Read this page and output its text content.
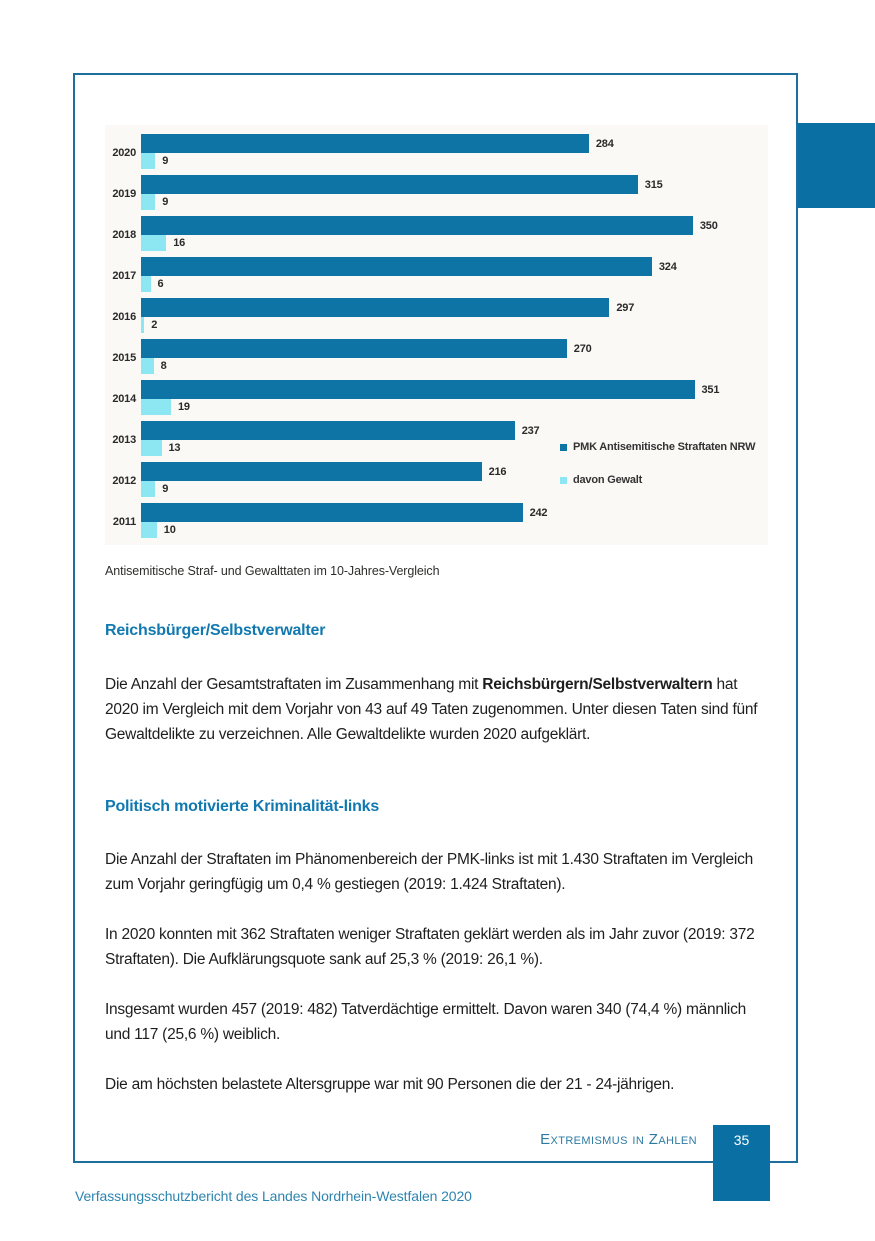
2020
284
9
2019
315
9
2018
350
16
2017
324
6
2016
297
2
2015
270
8
2014
351
19
2013
237
13
2012
216
9
2011
242
10
PMK Antisemitische Straftaten NRW
davon Gewalt
Antisemitische Straf- und Gewalttaten im 10-Jahres-Vergleich
Reichsbürger/Selbstverwalter

Die Anzahl der Gesamtstraftaten im Zusammenhang mit Reichsbürgern/Selbstverwaltern hat 2020 im Vergleich mit dem Vorjahr von 43 auf 49 Taten zugenommen. Unter diesen Taten sind fünf Gewaltdelikte zu verzeichnen. Alle Gewaltdelikte wurden 2020 aufgeklärt.

Politisch motivierte Kriminalität-links

Die Anzahl der Straftaten im Phänomenbereich der PMK-links ist mit 1.430 Straftaten im Vergleich zum Vorjahr geringfügig um 0,4 % gestiegen (2019: 1.424 Straftaten).

In 2020 konnten mit 362 Straftaten weniger Straftaten geklärt werden als im Jahr zuvor (2019: 372 Straftaten). Die Aufklärungsquote sank auf 25,3 % (2019: 26,1 %).

Insgesamt wurden 457 (2019: 482) Tatverdächtige ermittelt. Davon waren 340 (74,4 %) männlich und 117 (25,6 %) weiblich.

Die am höchsten belastete Altersgruppe war mit 90 Personen die der 21 - 24-jährigen.

Extremismus in Zahlen	35
Verfassungsschutzbericht des Landes Nordrhein-Westfalen 2020
